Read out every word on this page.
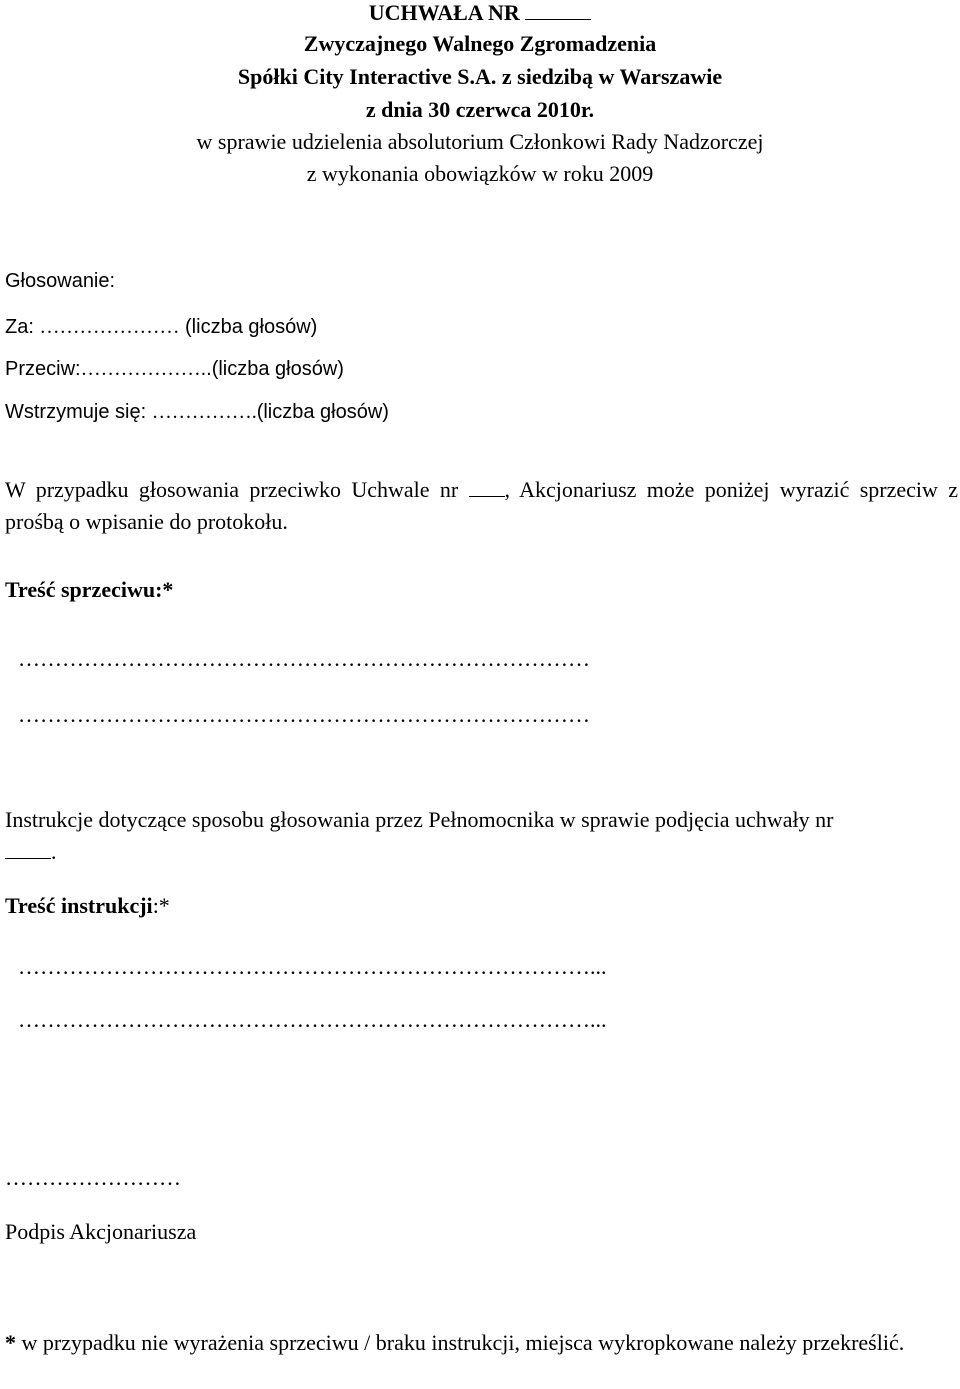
UCHWAŁA NR
Zwyczajnego Walnego Zgromadzenia
Spółki City Interactive S.A. z siedzibą w Warszawie
z dnia 30 czerwca 2010r.
w sprawie udzielenia absolutorium Członkowi Rady Nadzorczej
z wykonania obowiązków w roku 2009
Głosowanie:
Za: ………………… (liczba głosów)
Przeciw:………………..(liczba głosów)
Wstrzymuje się: …………….(liczba głosów)
W przypadku głosowania przeciwko Uchwale nr , Akcjonariusz może poniżej wyrazić sprzeciw z prośbą o wpisanie do protokołu.
Treść sprzeciwu:*
……………………………………………………………………
……………………………………………………………………
Instrukcje dotyczące sposobu głosowania przez Pełnomocnika w sprawie podjęcia uchwały nr
.
Treść instrukcji:*
……………………………………………………………………...
……………………………………………………………………...
……………………
Podpis Akcjonariusza
* w przypadku nie wyrażenia sprzeciwu / braku instrukcji, miejsca wykropkowane należy przekreślić.
